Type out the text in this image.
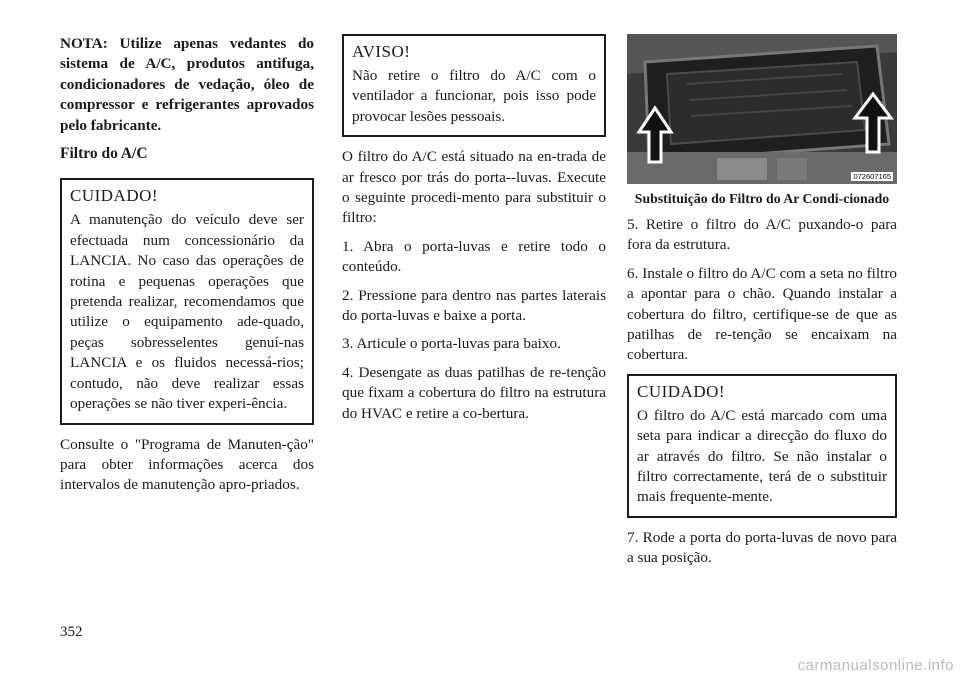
NOTA: Utilize apenas vedantes do sistema de A/C, produtos antifuga, condicionadores de vedação, óleo de compressor e refrigerantes aprovados pelo fabricante.

Filtro do A/C

CUIDADO!

A manutenção do veículo deve ser efectuada num concessionário da LANCIA. No caso das operações de rotina e pequenas operações que pretenda realizar, recomendamos que utilize o equipamento ade-quado, peças sobresselentes genuí-nas LANCIA e os fluidos necessá-rios; contudo, não deve realizar essas operações se não tiver experi-ência.

Consulte o "Programa de Manuten-ção" para obter informações acerca dos intervalos de manutenção apro-priados.

AVISO!

Não retire o filtro do A/C com o ventilador a funcionar, pois isso pode provocar lesões pessoais.

O filtro do A/C está situado na en-trada de ar fresco por trás do porta--luvas. Execute o seguinte procedi-mento para substituir o filtro:

1. Abra o porta-luvas e retire todo o conteúdo.

2. Pressione para dentro nas partes laterais do porta-luvas e baixe a porta.

3. Articule o porta-luvas para baixo.

4. Desengate as duas patilhas de re-tenção que fixam a cobertura do filtro na estrutura do HVAC e retire a co-bertura.

072607165

Substituição do Filtro do Ar Condi-cionado

5. Retire o filtro do A/C puxando-o para fora da estrutura.

6. Instale o filtro do A/C com a seta no filtro a apontar para o chão. Quando instalar a cobertura do filtro, certifique-se de que as patilhas de re-tenção se encaixam na cobertura.

CUIDADO!

O filtro do A/C está marcado com uma seta para indicar a direcção do fluxo do ar através do filtro. Se não instalar o filtro correctamente, terá de o substituir mais frequente-mente.

7. Rode a porta do porta-luvas de novo para a sua posição.

352
carmanualsonline.info
